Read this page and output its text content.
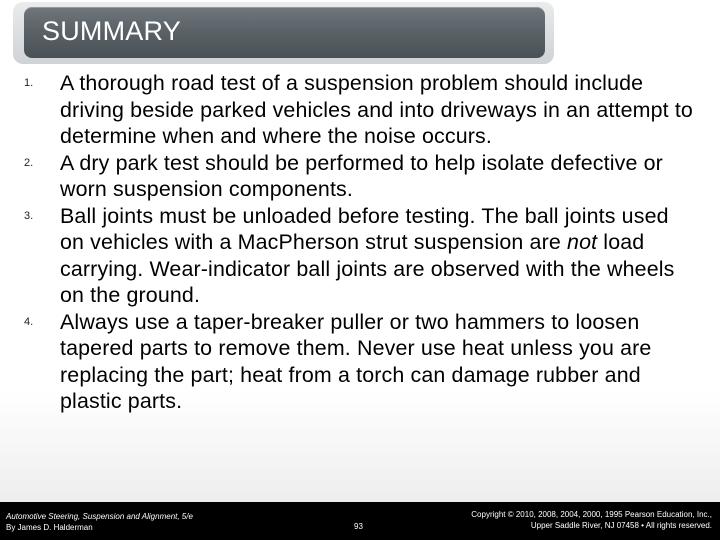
SUMMARY
1.	A thorough road test of a suspension problem should include driving beside parked vehicles and into driveways in an attempt to determine when and where the noise occurs.
2.	A dry park test should be performed to help isolate defective or worn suspension components.
3.	Ball joints must be unloaded before testing. The ball joints used on vehicles with a MacPherson strut suspension are not load carrying. Wear-indicator ball joints are observed with the wheels on the ground.
4.	Always use a taper-breaker puller or two hammers to loosen tapered parts to remove them. Never use heat unless you are replacing the part; heat from a torch can damage rubber and plastic parts.
Automotive Steering, Suspension and Alignment, 5/e
By James D. Halderman	93
Copyright © 2010, 2008, 2004, 2000, 1995 Pearson Education, Inc.,
Upper Saddle River, NJ 07458 • All rights reserved.
